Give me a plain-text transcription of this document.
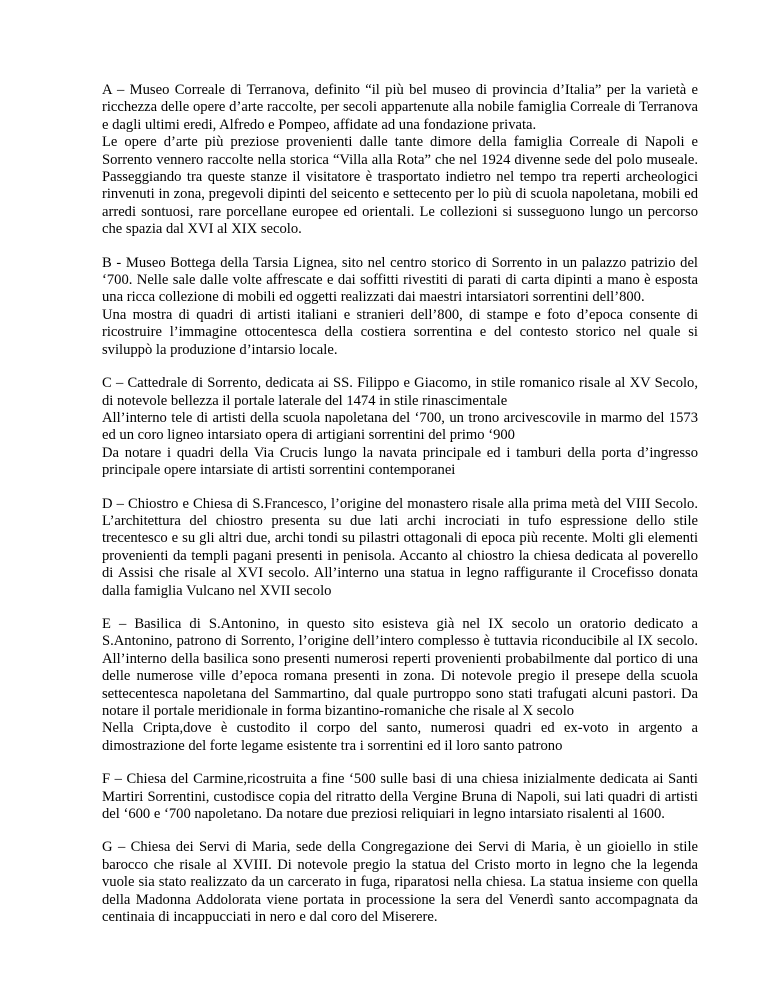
A – Museo Correale di Terranova, definito “il più bel museo di provincia d’Italia” per la varietà e ricchezza delle opere d’arte raccolte, per secoli appartenute alla nobile famiglia Correale di Terranova e dagli ultimi eredi, Alfredo e Pompeo, affidate ad una fondazione privata.

Le opere d’arte più preziose provenienti dalle tante dimore della famiglia Correale di Napoli e Sorrento vennero raccolte nella storica “Villa alla Rota” che nel 1924 divenne sede del polo museale. Passeggiando tra queste stanze il visitatore è trasportato indietro nel tempo tra reperti archeologici rinvenuti in zona, pregevoli dipinti del seicento e settecento per lo più di scuola napoletana, mobili ed arredi sontuosi, rare porcellane europee ed orientali. Le collezioni si susseguono lungo un percorso che spazia dal XVI al XIX secolo.

B - Museo Bottega della Tarsia Lignea, sito nel centro storico di Sorrento in un palazzo patrizio del ‘700. Nelle sale dalle volte affrescate e dai soffitti rivestiti di parati di carta dipinti a mano è esposta una ricca collezione di mobili ed oggetti realizzati dai maestri intarsiatori sorrentini dell’800.

Una mostra di quadri di artisti italiani e stranieri dell’800, di stampe e foto d’epoca consente di ricostruire l’immagine ottocentesca della costiera sorrentina e del contesto storico nel quale si sviluppò la produzione d’intarsio locale.

C – Cattedrale di Sorrento, dedicata ai SS. Filippo e Giacomo, in stile romanico risale al XV Secolo, di notevole bellezza il portale laterale del 1474 in stile rinascimentale

All’interno tele di artisti della scuola napoletana del ‘700, un trono arcivescovile in marmo del 1573 ed un coro ligneo intarsiato opera di artigiani sorrentini del primo ‘900

Da notare i quadri della Via Crucis lungo la navata principale ed i tamburi della porta d’ingresso principale opere intarsiate di artisti sorrentini contemporanei

D – Chiostro e Chiesa di S.Francesco, l’origine del monastero risale alla prima metà del VIII Secolo. L’architettura del chiostro presenta su due lati archi incrociati in tufo espressione dello stile trecentesco e su gli altri due, archi tondi su pilastri ottagonali di epoca più recente. Molti gli elementi provenienti da templi pagani presenti in penisola. Accanto al chiostro la chiesa dedicata al poverello di Assisi che risale al XVI secolo. All’interno una statua in legno raffigurante il Crocefisso donata dalla famiglia Vulcano nel XVII secolo

E – Basilica di S.Antonino, in questo sito esisteva già nel IX secolo un oratorio dedicato a S.Antonino, patrono di Sorrento, l’origine dell’intero complesso è tuttavia riconducibile al IX secolo. All’interno della basilica sono presenti numerosi reperti provenienti probabilmente dal portico di una delle numerose ville d’epoca romana presenti in zona. Di notevole pregio il presepe della scuola settecentesca napoletana del Sammartino, dal quale purtroppo sono stati trafugati alcuni pastori. Da notare il portale meridionale in forma bizantino-romaniche che risale al X secolo

Nella Cripta,dove è custodito il corpo del santo, numerosi quadri ed ex-voto in argento a dimostrazione del forte legame esistente tra i sorrentini ed il loro santo patrono

F – Chiesa del Carmine,ricostruita a fine ‘500 sulle basi di una chiesa inizialmente dedicata ai Santi Martiri Sorrentini, custodisce copia del ritratto della Vergine Bruna di Napoli, sui lati quadri di artisti del ‘600 e ‘700 napoletano. Da notare due preziosi reliquiari in legno intarsiato risalenti al 1600.

G – Chiesa dei Servi di Maria, sede della Congregazione dei Servi di Maria, è un gioiello in stile barocco che risale al XVIII. Di notevole pregio la statua del Cristo morto in legno che la legenda vuole sia stato realizzato da un carcerato in fuga, riparatosi nella chiesa. La statua insieme con quella della Madonna Addolorata viene portata in processione la sera del Venerdì santo accompagnata da centinaia di incappucciati in nero e dal coro del Miserere.
